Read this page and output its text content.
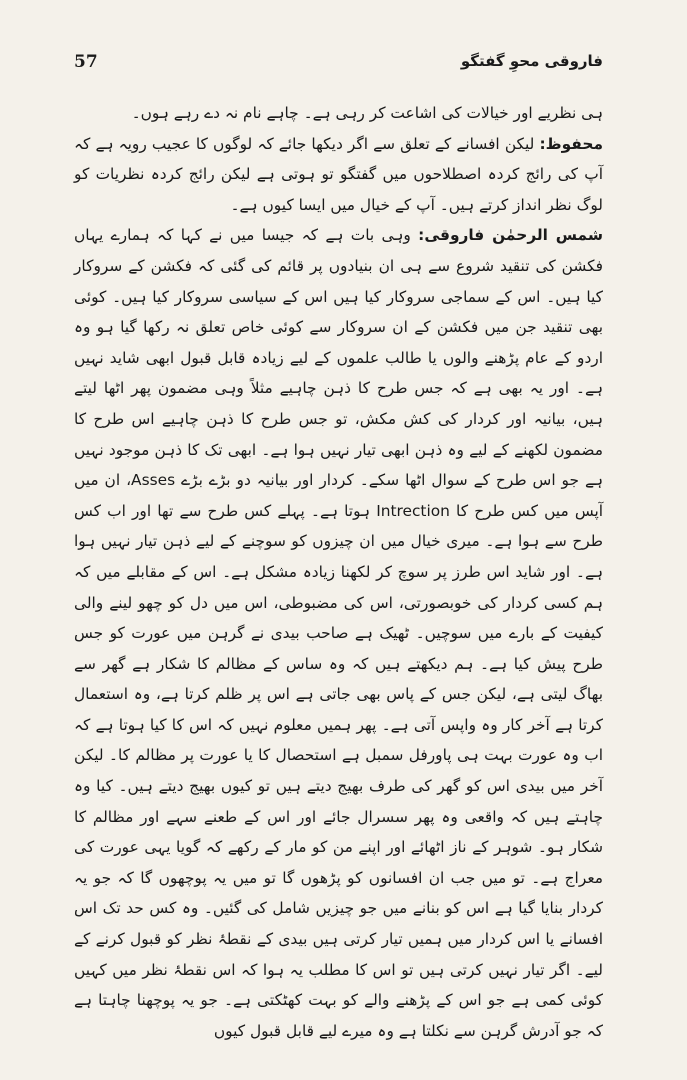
57	فاروقی محوِ گفتگو

ہی نظریے اور خیالات کی اشاعت کر رہی ہے۔ چاہے نام نہ دے رہے ہوں۔

محفوظ: لیکن افسانے کے تعلق سے اگر دیکھا جائے کہ لوگوں کا عجیب رویہ ہے کہ آپ کی رائج کردہ اصطلاحوں میں گفتگو تو ہوتی ہے لیکن رائج کردہ نظریات کو لوگ نظر انداز کرتے ہیں۔ آپ کے خیال میں ایسا کیوں ہے۔

شمس الرحمٰن فاروقی: وہی بات ہے کہ جیسا میں نے کہا کہ ہمارے یہاں فکشن کی تنقید شروع سے ہی ان بنیادوں پر قائم کی گئی کہ فکشن کے سروکار کیا ہیں۔ اس کے سماجی سروکار کیا ہیں اس کے سیاسی سروکار کیا ہیں۔ کوئی بھی تنقید جن میں فکشن کے ان سروکار سے کوئی خاص تعلق نہ رکھا گیا ہو وہ اردو کے عام پڑھنے والوں یا طالب علموں کے لیے زیادہ قابل قبول ابھی شاید نہیں ہے۔ اور یہ بھی ہے کہ جس طرح کا ذہن چاہیے مثلاً وہی مضمون پھر اٹھا لیتے ہیں، بیانیہ اور کردار کی کش مکش، تو جس طرح کا ذہن چاہیے اس طرح کا مضمون لکھنے کے لیے وہ ذہن ابھی تیار نہیں ہوا ہے۔ ابھی تک کا ذہن موجود نہیں ہے جو اس طرح کے سوال اٹھا سکے۔ کردار اور بیانیہ دو بڑے بڑے Asses، ان میں آپس میں کس طرح کا Intrection ہوتا ہے۔ پہلے کس طرح سے تھا اور اب کس طرح سے ہوا ہے۔ میری خیال میں ان چیزوں کو سوچنے کے لیے ذہن تیار نہیں ہوا ہے۔ اور شاید اس طرز پر سوچ کر لکھنا زیادہ مشکل ہے۔ اس کے مقابلے میں کہ ہم کسی کردار کی خوبصورتی، اس کی مضبوطی، اس میں دل کو چھو لینے والی کیفیت کے بارے میں سوچیں۔ ٹھیک ہے صاحب بیدی نے گرہن میں عورت کو جس طرح پیش کیا ہے۔ ہم دیکھتے ہیں کہ وہ ساس کے مظالم کا شکار ہے گھر سے بھاگ لیتی ہے، لیکن جس کے پاس بھی جاتی ہے اس پر ظلم کرتا ہے، وہ استعمال کرتا ہے آخر کار وہ واپس آتی ہے۔ پھر ہمیں معلوم نہیں کہ اس کا کیا ہوتا ہے کہ اب وہ عورت بہت ہی پاورفل سمبل ہے استحصال کا یا عورت پر مظالم کا۔ لیکن آخر میں بیدی اس کو گھر کی طرف بھیج دیتے ہیں تو کیوں بھیج دیتے ہیں۔ کیا وہ چاہتے ہیں کہ واقعی وہ پھر سسرال جائے اور اس کے طعنے سہے اور مظالم کا شکار ہو۔ شوہر کے ناز اٹھائے اور اپنے من کو مار کے رکھے کہ گویا یہی عورت کی معراج ہے۔ تو میں جب ان افسانوں کو پڑھوں گا تو میں یہ پوچھوں گا کہ جو یہ کردار بنایا گیا ہے اس کو بنانے میں جو چیزیں شامل کی گئیں۔ وہ کس حد تک اس افسانے یا اس کردار میں ہمیں تیار کرتی ہیں بیدی کے نقطۂ نظر کو قبول کرنے کے لیے۔ اگر تیار نہیں کرتی ہیں تو اس کا مطلب یہ ہوا کہ اس نقطۂ نظر میں کہیں کوئی کمی ہے جو اس کے پڑھنے والے کو بہت کھٹکتی ہے۔ جو یہ پوچھنا چاہتا ہے کہ جو آدرش گرہن سے نکلتا ہے وہ میرے لیے قابل قبول کیوں
